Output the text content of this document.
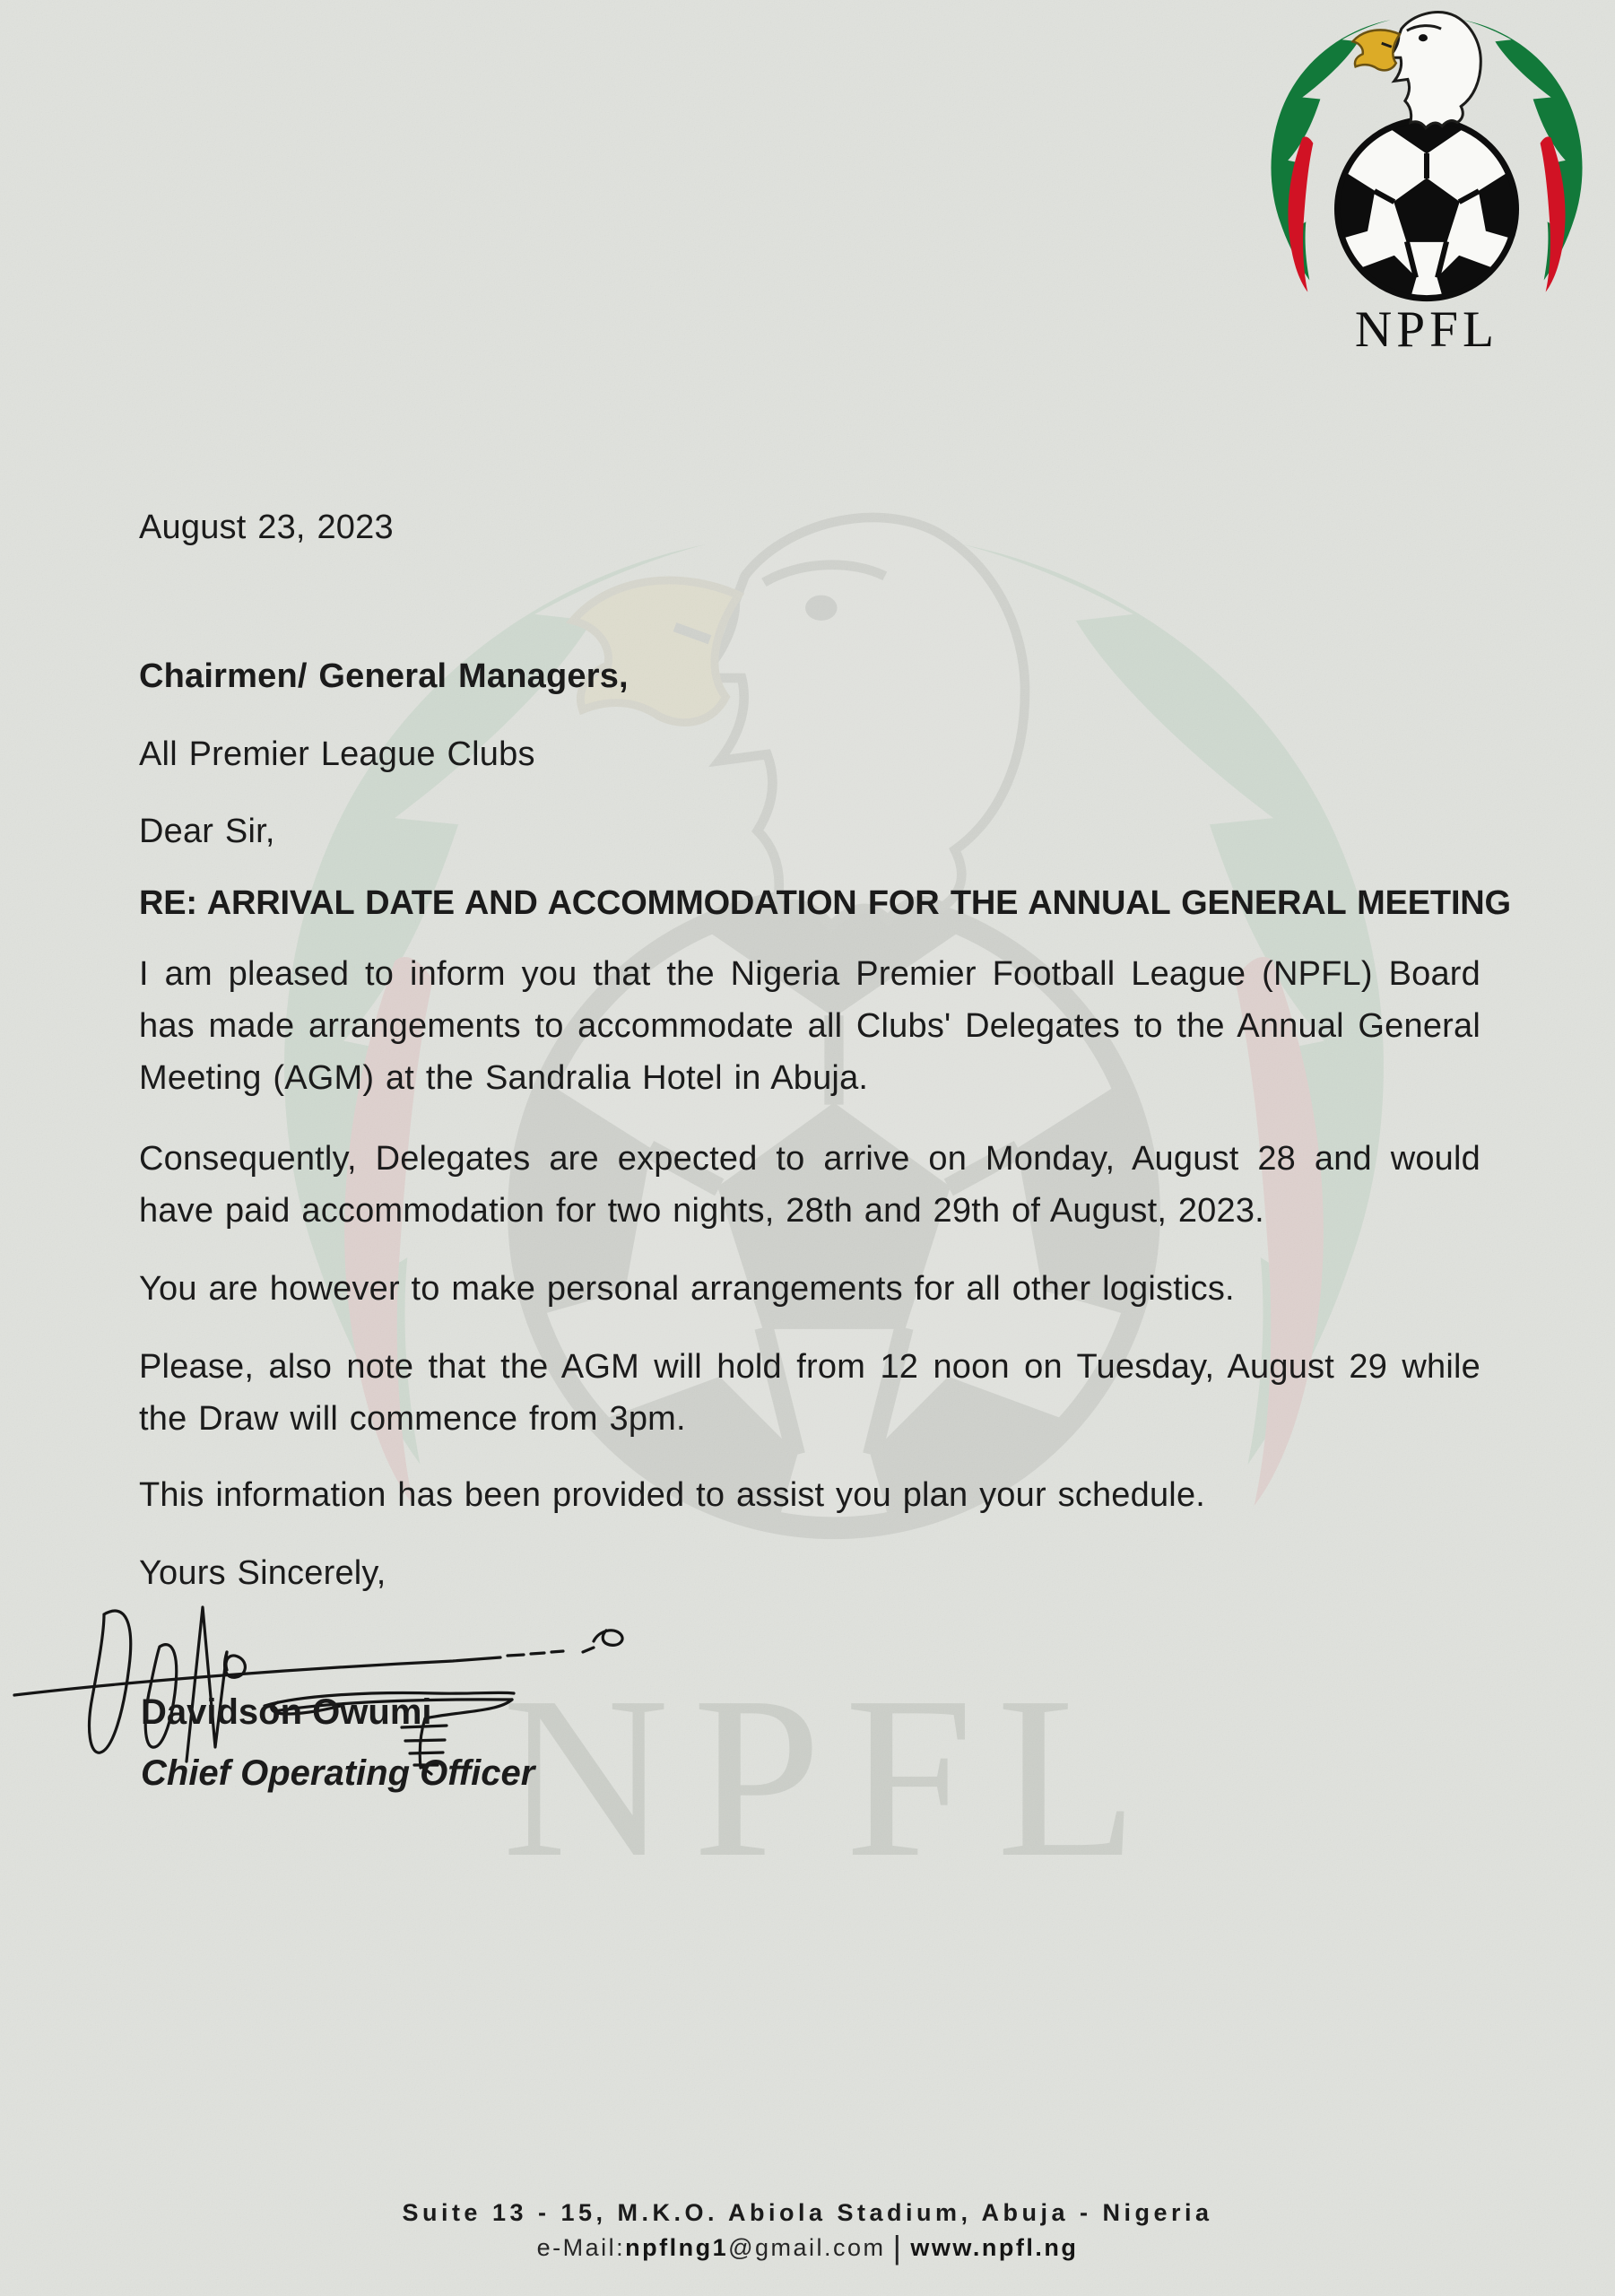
NPFL
NPFL

August 23, 2023

Chairmen/ General Managers,

All Premier League Clubs

Dear Sir,

RE: ARRIVAL DATE AND ACCOMMODATION FOR THE ANNUAL GENERAL MEETING

I am pleased to inform you that the Nigeria Premier Football League (NPFL) Board has made arrangements to accommodate all Clubs' Delegates to the Annual General Meeting (AGM) at the Sandralia Hotel in Abuja.

Consequently, Delegates are expected to arrive on Monday, August 28 and would have paid accommodation for two nights, 28th and 29th of August, 2023.

You are however to make personal arrangements for all other logistics.

Please, also note that the AGM will hold from 12 noon on Tuesday, August 29 while the Draw will commence from 3pm.

This information has been provided to assist you plan your schedule.

Yours Sincerely,

Davidson Owumi

Chief Operating Officer

Suite 13 - 15, M.K.O. Abiola Stadium, Abuja - Nigeria

e-Mail:npflng1@gmail.com | www.npfl.ng
